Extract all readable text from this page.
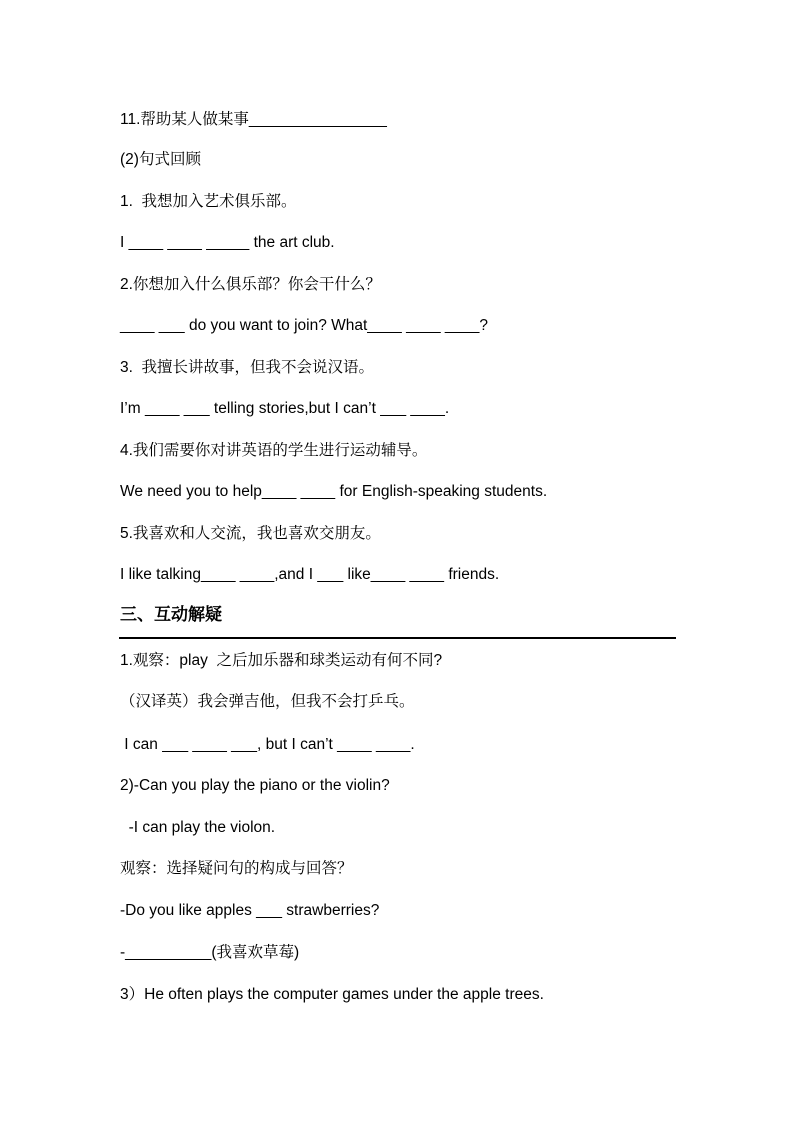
11.帮助某人做某事________________
(2)句式回顾
1.  我想加入艺术俱乐部。
I ____ ____ _____ the art club.
2.你想加入什么俱乐部？你会干什么？
____ ___ do you want to join? What____ ____ ____?
3.  我擅长讲故事，但我不会说汉语。
I’m ____ ___ telling stories,but I can’t ___ ____.
4.我们需要你对讲英语的学生进行运动辅导。
We need you to help____ ____ for English-speaking students.
5.我喜欢和人交流，我也喜欢交朋友。
I like talking____ ____,and I ___ like____ ____ friends.
三、互动解疑
1.观察：play  之后加乐器和球类运动有何不同?
（汉译英）我会弹吉他，但我不会打乒乓。
I can ___ ____ ___, but I can’t ____ ____.
2)-Can you play the piano or the violin?
-I can play the violon.
观察：选择疑问句的构成与回答？
-Do you like apples ___ strawberries?
-__________(我喜欢草莓)
3）He often plays the computer games under the apple trees.
